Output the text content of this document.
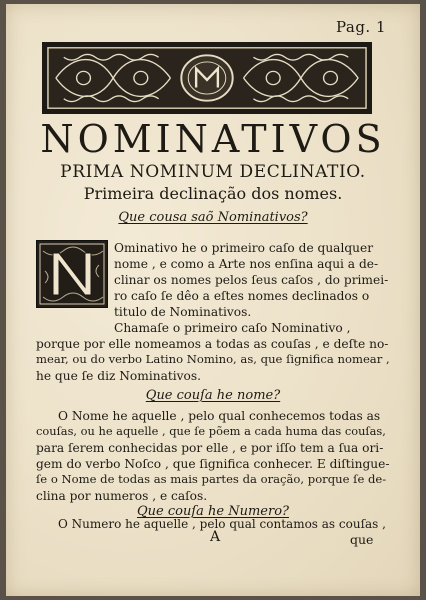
Pag. 1
NOMINATIVOS
PRIMA NOMINUM DECLINATIO.
Primeira declinação dos nomes.
Que cousa saõ Nominativos?
Ominativo he o primeiro caſo de qualquer
nome , e como a Arte nos enſina aqui a de-
clinar os nomes pelos ſeus caſos , do primei-
ro caſo ſe dêo a eſtes nomes declinados o
titulo de Nominativos.
Chamaſe o primeiro caſo Nominativo ,
porque por elle nomeamos a todas as couſas , e deſte no-
mear, ou do verbo Latino Nomino, as, que ſignifica nomear ,
he que ſe diz Nominativos.
Que couſa he nome?
O Nome he aquelle , pelo qual conhecemos todas as
couſas, ou he aquelle , que ſe põem a cada huma das couſas,
para ſerem conhecidas por elle , e por iſſo tem a ſua ori-
gem do verbo Noſco , que ſignifica conhecer. E diſtingue-
ſe o Nome de todas as mais partes da oração, porque ſe de-
clina por numeros , e caſos.
Que couſa he Numero?
O Numero he aquelle , pelo qual contamos as couſas ,
A	que
